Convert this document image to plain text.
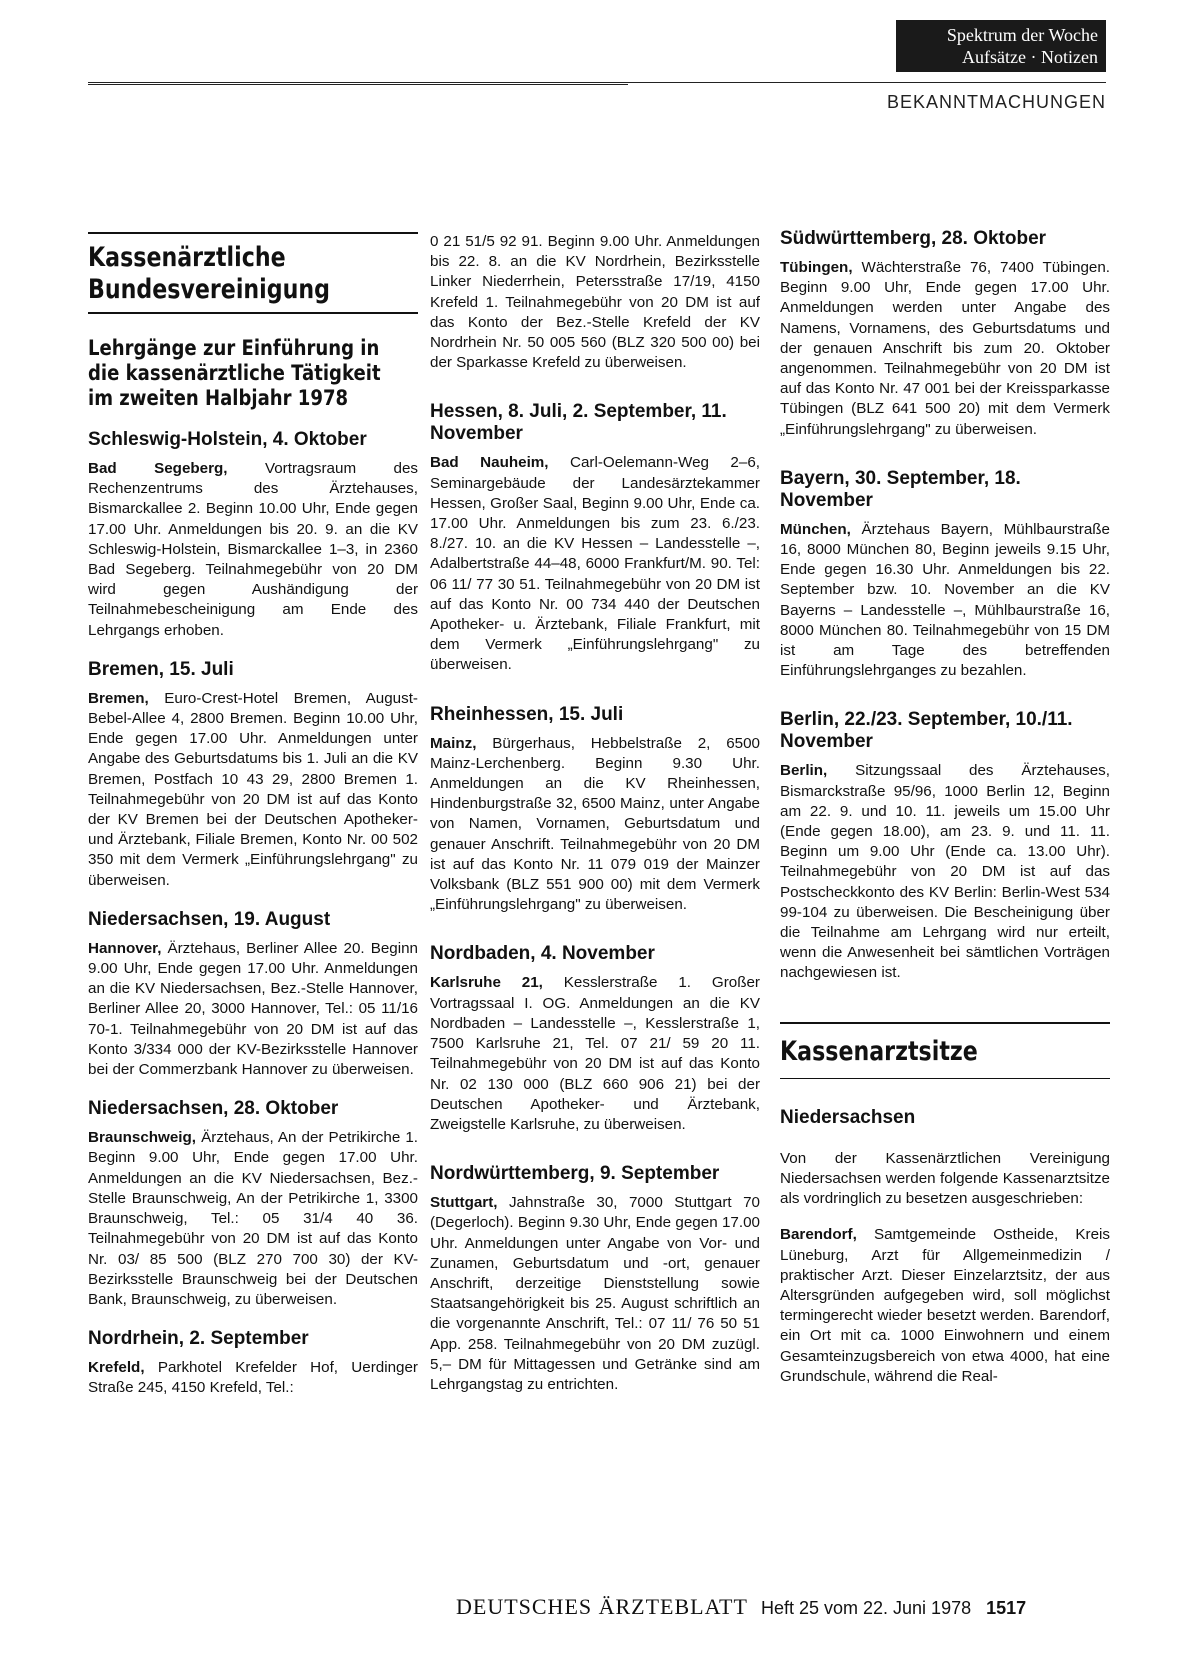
Spektrum der Woche
Aufsätze · Notizen
BEKANNTMACHUNGEN
Kassenärztliche
Bundesvereinigung
Lehrgänge zur Einführung in
die kassenärztliche Tätigkeit
im zweiten Halbjahr 1978
Schleswig-Holstein, 4. Oktober

Bad Segeberg, Vortragsraum des Rechenzentrums des Ärztehauses, Bismarckallee 2. Beginn 10.00 Uhr, Ende gegen 17.00 Uhr. Anmeldungen bis 20. 9. an die KV Schleswig-Holstein, Bismarckallee 1–3, in 2360 Bad Segeberg. Teilnahmegebühr von 20 DM wird gegen Aushändigung der Teilnahmebescheinigung am Ende des Lehrgangs erhoben.

Bremen, 15. Juli

Bremen, Euro-Crest-Hotel Bremen, August-Bebel-Allee 4, 2800 Bremen. Beginn 10.00 Uhr, Ende gegen 17.00 Uhr. Anmeldungen unter Angabe des Geburtsdatums bis 1. Juli an die KV Bremen, Postfach 10 43 29, 2800 Bremen 1. Teilnahmegebühr von 20 DM ist auf das Konto der KV Bremen bei der Deutschen Apotheker- und Ärztebank, Filiale Bremen, Konto Nr. 00 502 350 mit dem Vermerk „Einführungslehrgang" zu überweisen.

Niedersachsen, 19. August

Hannover, Ärztehaus, Berliner Allee 20. Beginn 9.00 Uhr, Ende gegen 17.00 Uhr. Anmeldungen an die KV Niedersachsen, Bez.-Stelle Hannover, Berliner Allee 20, 3000 Hannover, Tel.: 05 11/16 70-1. Teilnahmegebühr von 20 DM ist auf das Konto 3/334 000 der KV-Bezirksstelle Hannover bei der Commerzbank Hannover zu überweisen.

Niedersachsen, 28. Oktober

Braunschweig, Ärztehaus, An der Petrikirche 1. Beginn 9.00 Uhr, Ende gegen 17.00 Uhr. Anmeldungen an die KV Niedersachsen, Bez.-Stelle Braunschweig, An der Petrikirche 1, 3300 Braunschweig, Tel.: 05 31/4 40 36. Teilnahmegebühr von 20 DM ist auf das Konto Nr. 03/ 85 500 (BLZ 270 700 30) der KV-Bezirksstelle Braunschweig bei der Deutschen Bank, Braunschweig, zu überweisen.

Nordrhein, 2. September

Krefeld, Parkhotel Krefelder Hof, Uerdinger Straße 245, 4150 Krefeld, Tel.:

0 21 51/5 92 91. Beginn 9.00 Uhr. Anmeldungen bis 22. 8. an die KV Nordrhein, Bezirksstelle Linker Niederrhein, Petersstraße 17/19, 4150 Krefeld 1. Teilnahmegebühr von 20 DM ist auf das Konto der Bez.-Stelle Krefeld der KV Nordrhein Nr. 50 005 560 (BLZ 320 500 00) bei der Sparkasse Krefeld zu überweisen.

Hessen, 8. Juli, 2. September, 11. November

Bad Nauheim, Carl-Oelemann-Weg 2–6, Seminargebäude der Landesärztekammer Hessen, Großer Saal, Beginn 9.00 Uhr, Ende ca. 17.00 Uhr. Anmeldungen bis zum 23. 6./23. 8./27. 10. an die KV Hessen – Landesstelle –, Adalbertstraße 44–48, 6000 Frankfurt/M. 90. Tel: 06 11/ 77 30 51. Teilnahmegebühr von 20 DM ist auf das Konto Nr. 00 734 440 der Deutschen Apotheker- u. Ärztebank, Filiale Frankfurt, mit dem Vermerk „Einführungslehrgang" zu überweisen.

Rheinhessen, 15. Juli

Mainz, Bürgerhaus, Hebbelstraße 2, 6500 Mainz-Lerchenberg. Beginn 9.30 Uhr. Anmeldungen an die KV Rheinhessen, Hindenburgstraße 32, 6500 Mainz, unter Angabe von Namen, Vornamen, Geburtsdatum und genauer Anschrift. Teilnahmegebühr von 20 DM ist auf das Konto Nr. 11 079 019 der Mainzer Volksbank (BLZ 551 900 00) mit dem Vermerk „Einführungslehrgang" zu überweisen.

Nordbaden, 4. November

Karlsruhe 21, Kesslerstraße 1. Großer Vortragssaal I. OG. Anmeldungen an die KV Nordbaden – Landesstelle –, Kesslerstraße 1, 7500 Karlsruhe 21, Tel. 07 21/ 59 20 11. Teilnahmegebühr von 20 DM ist auf das Konto Nr. 02 130 000 (BLZ 660 906 21) bei der Deutschen Apotheker- und Ärztebank, Zweigstelle Karlsruhe, zu überweisen.

Nordwürttemberg, 9. September

Stuttgart, Jahnstraße 30, 7000 Stuttgart 70 (Degerloch). Beginn 9.30 Uhr, Ende gegen 17.00 Uhr. Anmeldungen unter Angabe von Vor- und Zunamen, Geburtsdatum und -ort, genauer Anschrift, derzeitige Dienststellung sowie Staatsangehörigkeit bis 25. August schriftlich an die vorgenannte Anschrift, Tel.: 07 11/ 76 50 51 App. 258. Teilnahmegebühr von 20 DM zuzügl. 5,– DM für Mittagessen und Getränke sind am Lehrgangstag zu entrichten.

Südwürttemberg, 28. Oktober

Tübingen, Wächterstraße 76, 7400 Tübingen. Beginn 9.00 Uhr, Ende gegen 17.00 Uhr. Anmeldungen werden unter Angabe des Namens, Vornamens, des Geburtsdatums und der genauen Anschrift bis zum 20. Oktober angenommen. Teilnahmegebühr von 20 DM ist auf das Konto Nr. 47 001 bei der Kreissparkasse Tübingen (BLZ 641 500 20) mit dem Vermerk „Einführungslehrgang" zu überweisen.

Bayern, 30. September, 18. November

München, Ärztehaus Bayern, Mühlbaurstraße 16, 8000 München 80, Beginn jeweils 9.15 Uhr, Ende gegen 16.30 Uhr. Anmeldungen bis 22. September bzw. 10. November an die KV Bayerns – Landesstelle –, Mühlbaurstraße 16, 8000 München 80. Teilnahmegebühr von 15 DM ist am Tage des betreffenden Einführungslehrganges zu bezahlen.

Berlin, 22./23. September, 10./11. November

Berlin, Sitzungssaal des Ärztehauses, Bismarckstraße 95/96, 1000 Berlin 12, Beginn am 22. 9. und 10. 11. jeweils um 15.00 Uhr (Ende gegen 18.00), am 23. 9. und 11. 11. Beginn um 9.00 Uhr (Ende ca. 13.00 Uhr). Teilnahmegebühr von 20 DM ist auf das Postscheckkonto des KV Berlin: Berlin-West 534 99-104 zu überweisen. Die Bescheinigung über die Teilnahme am Lehrgang wird nur erteilt, wenn die Anwesenheit bei sämtlichen Vorträgen nachgewiesen ist.

Kassenarztsitze
Niedersachsen

Von der Kassenärztlichen Vereinigung Niedersachsen werden folgende Kassenarztsitze als vordringlich zu besetzen ausgeschrieben:

Barendorf, Samtgemeinde Ostheide, Kreis Lüneburg, Arzt für Allgemeinmedizin / praktischer Arzt. Dieser Einzelarztsitz, der aus Altersgründen aufgegeben wird, soll möglichst termingerecht wieder besetzt werden. Barendorf, ein Ort mit ca. 1000 Einwohnern und einem Gesamteinzugsbereich von etwa 4000, hat eine Grundschule, während die Real-

DEUTSCHES ÄRZTEBLATT Heft 25 vom 22. Juni 1978 1517
